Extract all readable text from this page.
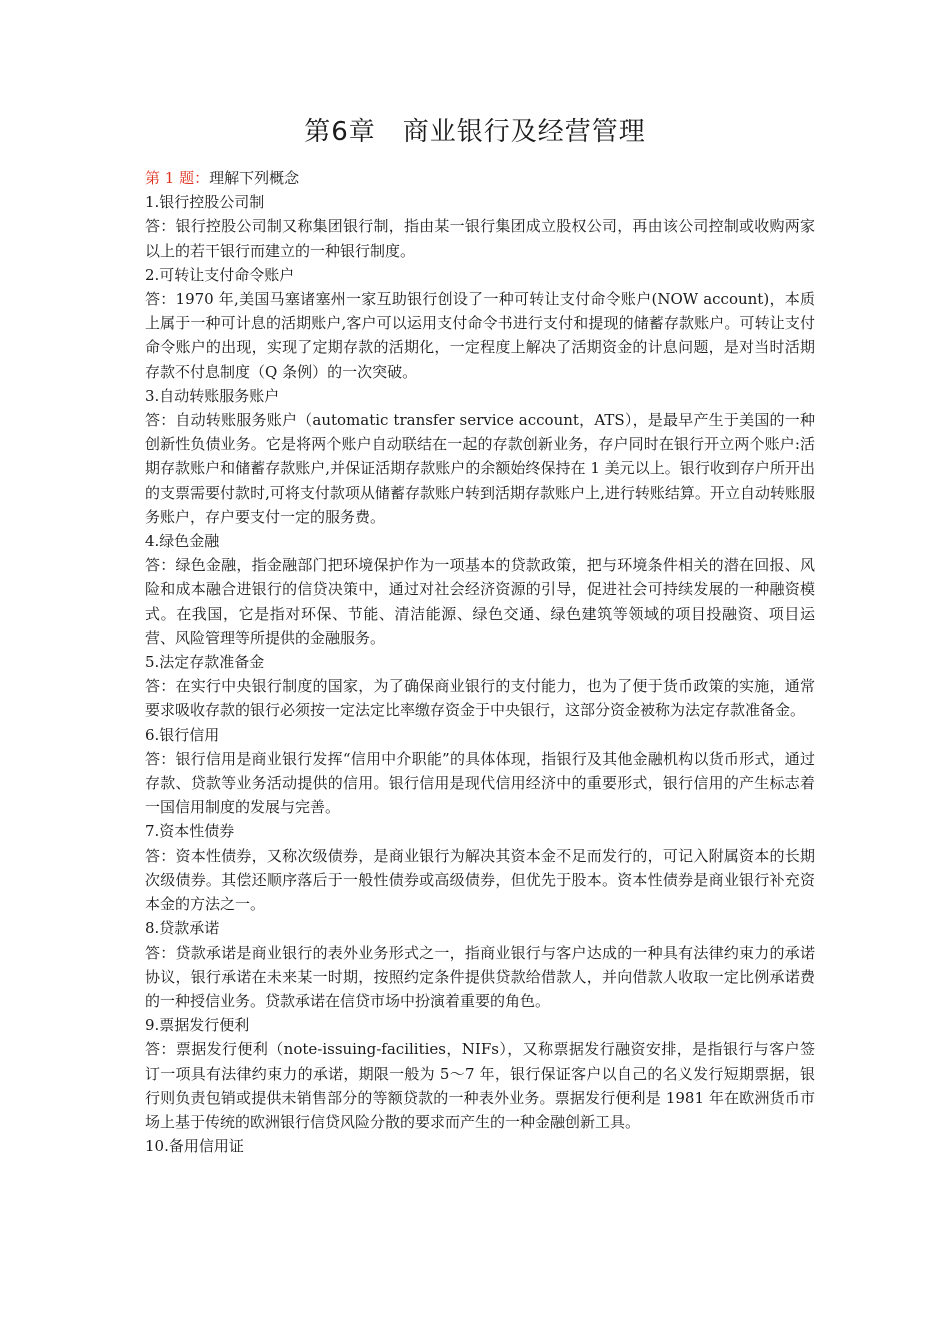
第6章　商业银行及经营管理

第 1 题：理解下列概念

1.银行控股公司制

答：银行控股公司制又称集团银行制，指由某一银行集团成立股权公司，再由该公司控制或收购两家以上的若干银行而建立的一种银行制度。

2.可转让支付命令账户

答：1970 年,美国马塞诸塞州一家互助银行创设了一种可转让支付命令账户(NOW account)，本质上属于一种可计息的活期账户,客户可以运用支付命令书进行支付和提现的储蓄存款账户。可转让支付命令账户的出现，实现了定期存款的活期化，一定程度上解决了活期资金的计息问题，是对当时活期存款不付息制度（Q 条例）的一次突破。

3.自动转账服务账户

答：自动转账服务账户（automatic transfer service account，ATS），是最早产生于美国的一种创新性负债业务。它是将两个账户自动联结在一起的存款创新业务，存户同时在银行开立两个账户:活期存款账户和储蓄存款账户,并保证活期存款账户的余额始终保持在 1 美元以上。银行收到存户所开出的支票需要付款时,可将支付款项从储蓄存款账户转到活期存款账户上,进行转账结算。开立自动转账服务账户，存户要支付一定的服务费。

4.绿色金融

答：绿色金融，指金融部门把环境保护作为一项基本的贷款政策，把与环境条件相关的潜在回报、风险和成本融合进银行的信贷决策中，通过对社会经济资源的引导，促进社会可持续发展的一种融资模式。在我国，它是指对环保、节能、清洁能源、绿色交通、绿色建筑等领域的项目投融资、项目运营、风险管理等所提供的金融服务。

5.法定存款准备金

答：在实行中央银行制度的国家，为了确保商业银行的支付能力，也为了便于货币政策的实施，通常要求吸收存款的银行必须按一定法定比率缴存资金于中央银行，这部分资金被称为法定存款准备金。

6.银行信用

答：银行信用是商业银行发挥“信用中介职能”的具体体现，指银行及其他金融机构以货币形式，通过存款、贷款等业务活动提供的信用。银行信用是现代信用经济中的重要形式，银行信用的产生标志着一国信用制度的发展与完善。

7.资本性债券

答：资本性债券，又称次级债券，是商业银行为解决其资本金不足而发行的，可记入附属资本的长期次级债券。其偿还顺序落后于一般性债券或高级债券，但优先于股本。资本性债券是商业银行补充资本金的方法之一。

8.贷款承诺

答：贷款承诺是商业银行的表外业务形式之一，指商业银行与客户达成的一种具有法律约束力的承诺协议，银行承诺在未来某一时期，按照约定条件提供贷款给借款人，并向借款人收取一定比例承诺费的一种授信业务。贷款承诺在信贷市场中扮演着重要的角色。

9.票据发行便利

答：票据发行便利（note-issuing-facilities，NIFs），又称票据发行融资安排，是指银行与客户签订一项具有法律约束力的承诺，期限一般为 5～7 年，银行保证客户以自己的名义发行短期票据，银行则负责包销或提供未销售部分的等额贷款的一种表外业务。票据发行便利是 1981 年在欧洲货币市场上基于传统的欧洲银行信贷风险分散的要求而产生的一种金融创新工具。

10.备用信用证
